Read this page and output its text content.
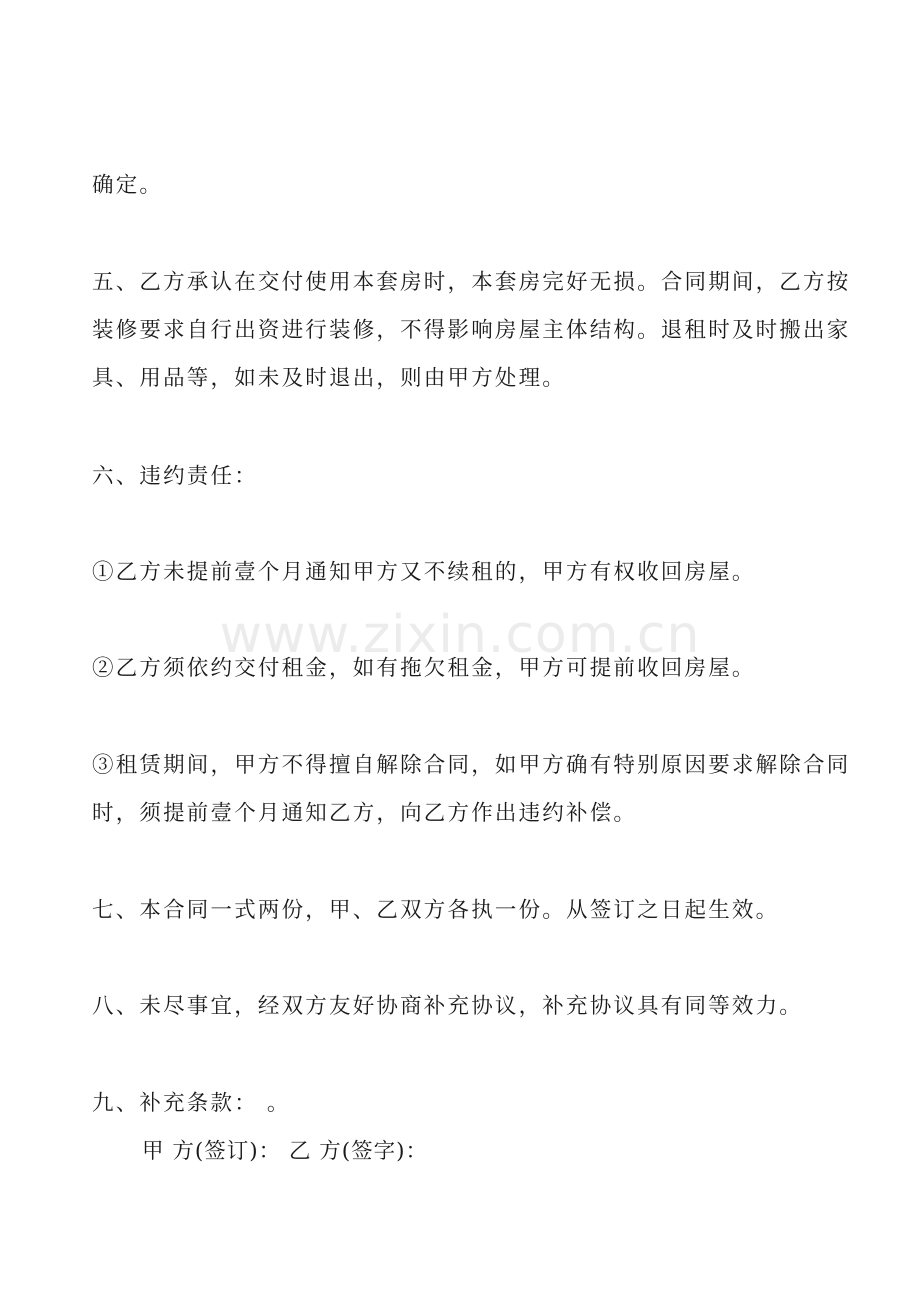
www.zixin.com.cn
确定。
五、乙方承认在交付使用本套房时，本套房完好无损。合同期间，乙方按
装修要求自行出资进行装修，不得影响房屋主体结构。退租时及时搬出家
具、用品等，如未及时退出，则由甲方处理。
六、违约责任：
①乙方未提前壹个月通知甲方又不续租的，甲方有权收回房屋。
②乙方须依约交付租金，如有拖欠租金，甲方可提前收回房屋。
③租赁期间，甲方不得擅自解除合同，如甲方确有特别原因要求解除合同
时，须提前壹个月通知乙方，向乙方作出违约补偿。
七、本合同一式两份，甲、乙双方各执一份。从签订之日起生效。
八、未尽事宜，经双方友好协商补充协议，补充协议具有同等效力。
九、补充条款： 。
甲 方(签订)： 乙 方(签字)：
